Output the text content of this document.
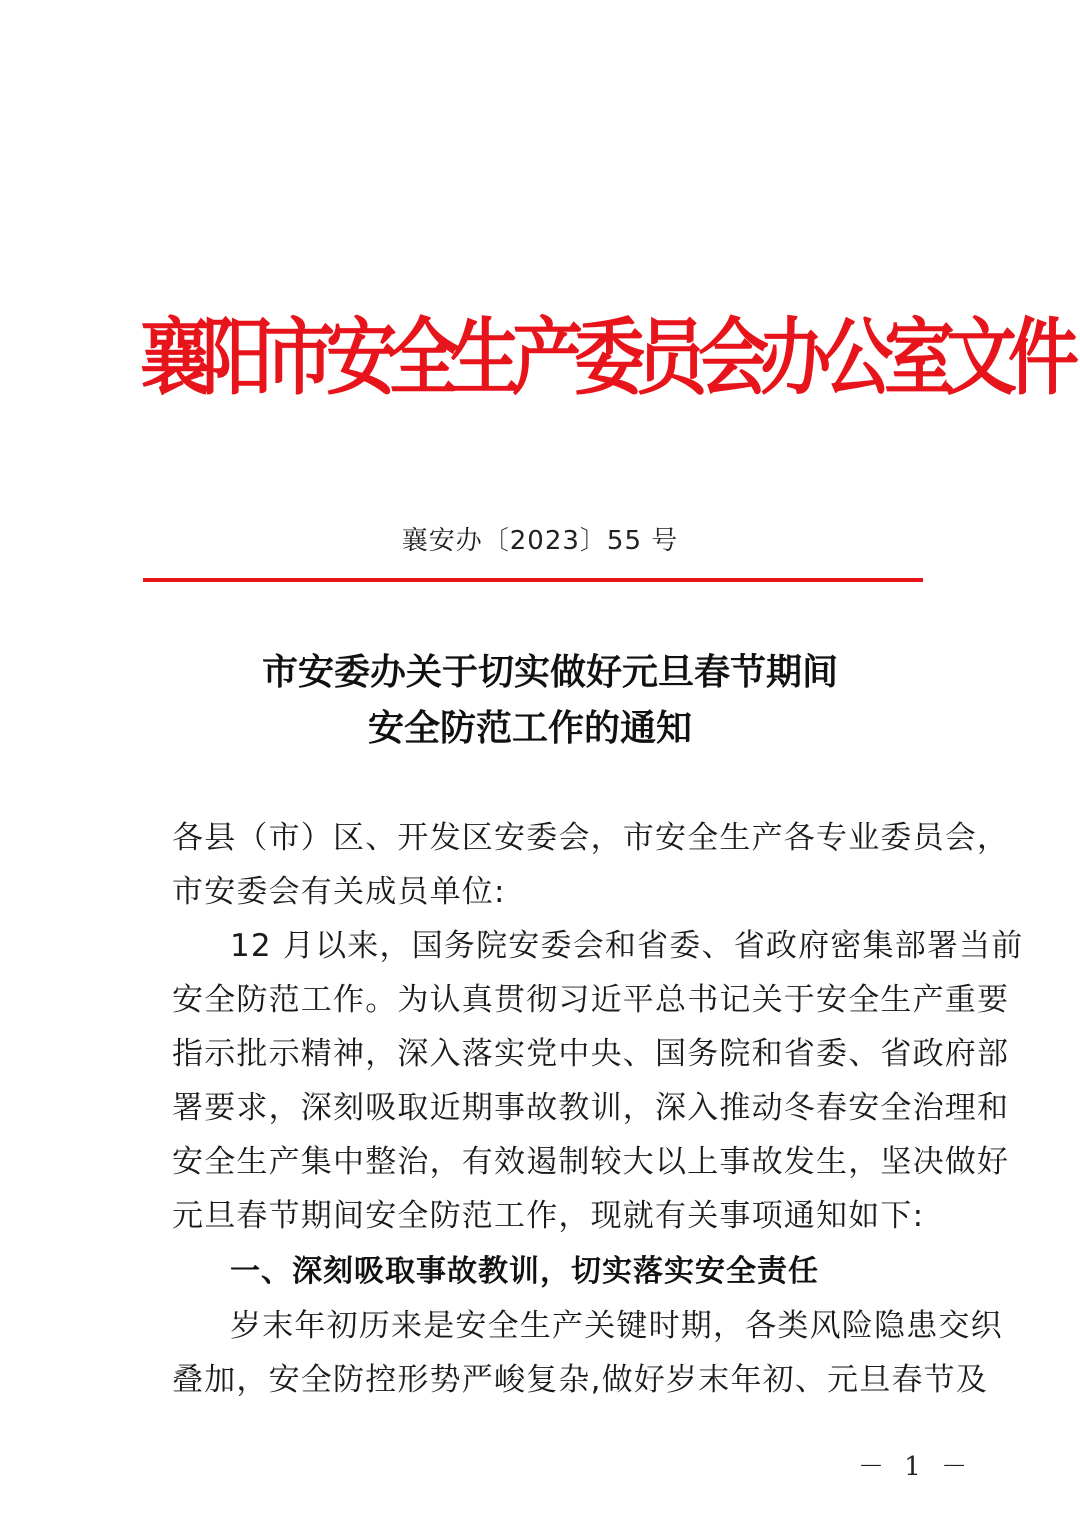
襄阳市安全生产委员会办公室文件
襄安办〔2023〕55 号
市安委办关于切实做好元旦春节期间
安全防范工作的通知
各县（市）区、开发区安委会，市安全生产各专业委员会，
市安委会有关成员单位:
12 月以来，国务院安委会和省委、省政府密集部署当前
安全防范工作。为认真贯彻习近平总书记关于安全生产重要
指示批示精神，深入落实党中央、国务院和省委、省政府部
署要求，深刻吸取近期事故教训，深入推动冬春安全治理和
安全生产集中整治，有效遏制较大以上事故发生，坚决做好
元旦春节期间安全防范工作，现就有关事项通知如下:
一、深刻吸取事故教训，切实落实安全责任
岁末年初历来是安全生产关键时期，各类风险隐患交织
叠加，安全防控形势严峻复杂,做好岁末年初、元旦春节及
－ 1 －
